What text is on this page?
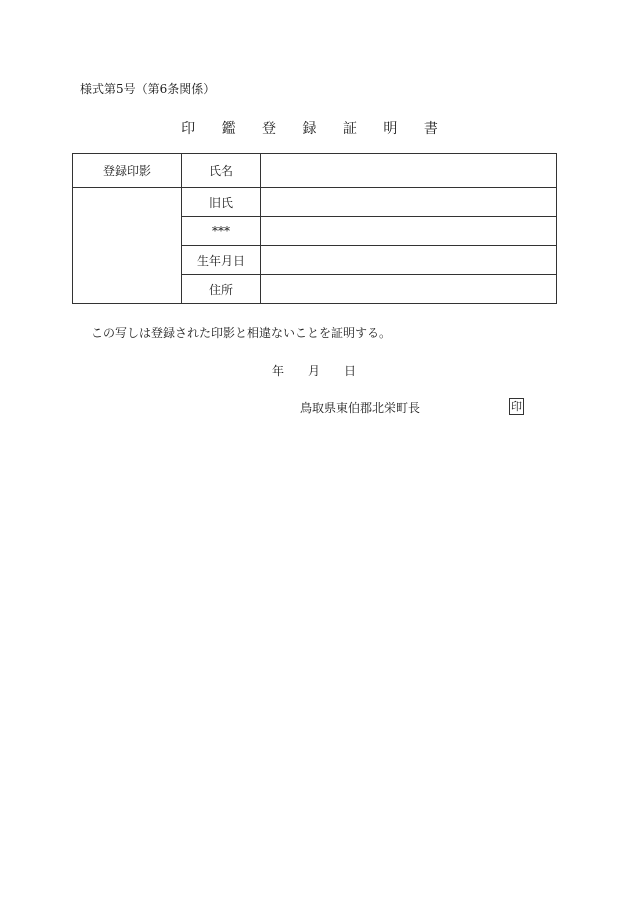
様式第5号（第6条関係）
印 鑑 登 録 証 明 書
登録印影	氏名	
	旧氏	
	***	
	生年月日	
	住所	
この写しは登録された印影と相違ないことを証明する。
年	月	日
鳥取県東伯郡北栄町長	印
